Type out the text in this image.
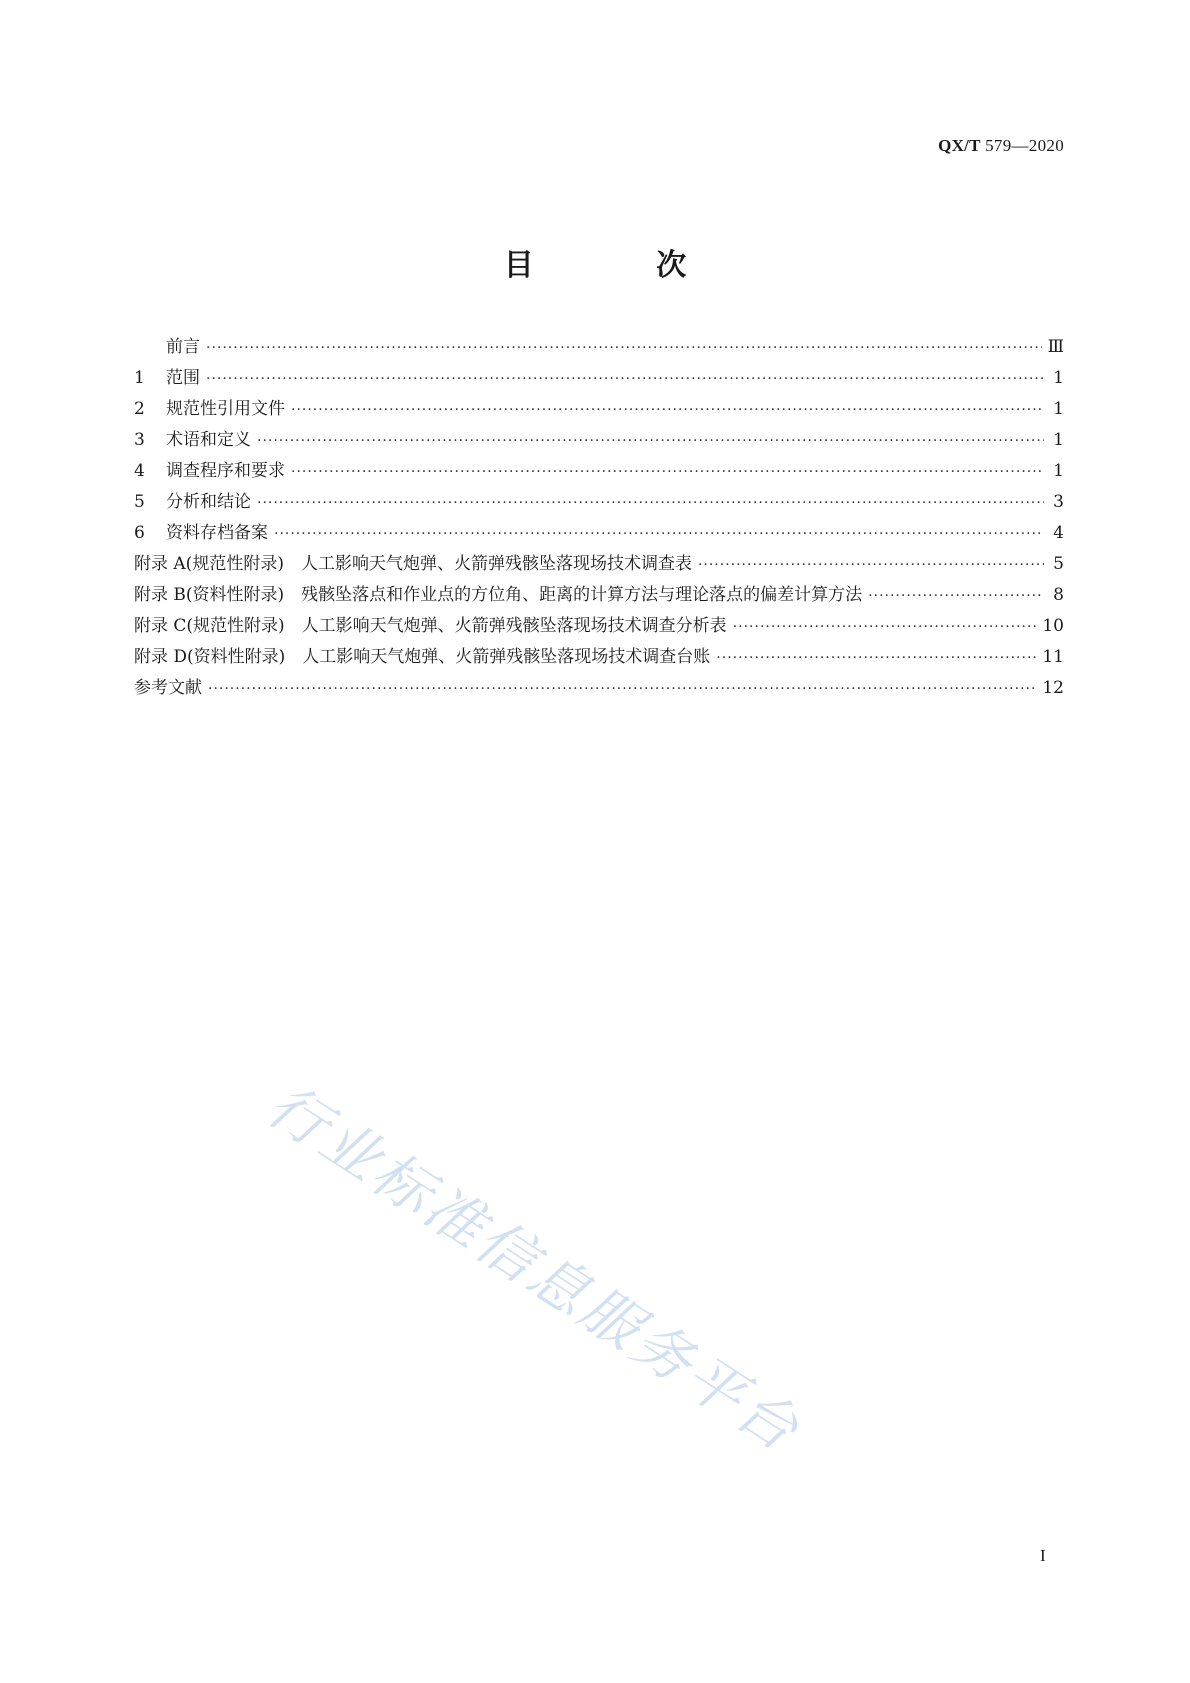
QX/T 579—2020
目 次
前言 ·····	Ⅲ
1	范围 ·····	1
2	规范性引用文件 ·····	1
3	术语和定义 ·····	1
4	调查程序和要求 ·····	1
5	分析和结论 ·····	3
6	资料存档备案 ·····	4
附录 A(规范性附录)　人工影响天气炮弹、火箭弹残骸坠落现场技术调查表 ·····	5
附录 B(资料性附录)　残骸坠落点和作业点的方位角、距离的计算方法与理论落点的偏差计算方法 ·····	8
附录 C(规范性附录)　人工影响天气炮弹、火箭弹残骸坠落现场技术调查分析表 ·····	10
附录 D(资料性附录)　人工影响天气炮弹、火箭弹残骸坠落现场技术调查台账 ·····	11
参考文献 ·····	12
行业标准信息服务平台
I
